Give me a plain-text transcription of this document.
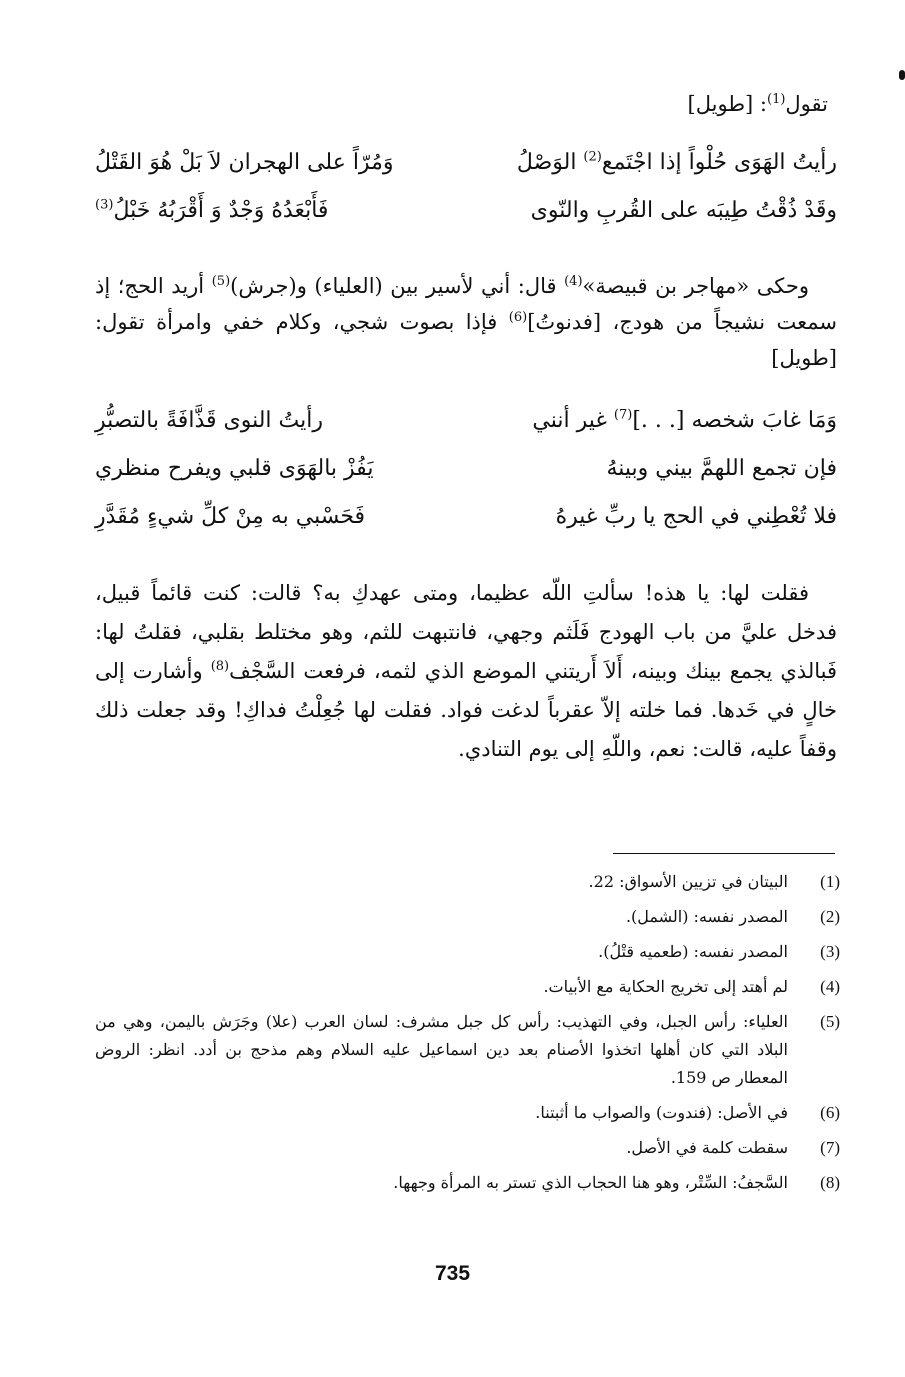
تقول$^{(1)}$: [طويل]
رأيتُ الهَوَى حُلْواً إذا اجْتَمع$^{(2)}$ الوَصْلُ
وَمُرّاً على الهجران لاَ بَلْ هُوَ القَتْلُ
وقَدْ ذُقْتُ طِيبَه على القُربِ والنّوى
فَأَبْعَدُهُ وَجْدٌ وَ أَقْرَبُهُ خَبْلُ$^{(3)}$

وحكى «مهاجر بن قبيصة»$^{(4)}$ قال: أني لأسير بين (العلياء) و(جرش)$^{(5)}$ أريد الحج؛ إذ سمعت نشيجاً من هودج، [فدنوتُ]$^{(6)}$ فإذا بصوت شجي، وكلام خفي وامرأة تقول: [طويل]

وَمَا غابَ شخصه [. . .]$^{(7)}$ غير أنني
رأيتُ النوى قَذَّافَةً بالتصبُّرِ
فإن تجمع اللهمَّ بيني وبينهُ
يَفُزْ بالهَوَى قلبي ويفرح منظري
فلا تُعْطِني في الحج يا ربِّ غيرهُ
فَحَسْبي به مِنْ كلِّ شيءٍ مُقَدَّرِ

فقلت لها: يا هذه! سألتِ اللّه عظيما، ومتى عهدكِ به؟ قالت: كنت قائماً قبيل، فدخل عليَّ من باب الهودج فَلَثم وجهي، فانتبهت للثم، وهو مختلط بقلبي، فقلتُ لها: فَبالذي يجمع بينك وبينه، أَلاَ أَريتني الموضع الذي لثمه، فرفعت السَّجْف$^{(8)}$ وأشارت إلى خالٍ في خَدها. فما خلته إلاّ عقرباً لدغت فواد. فقلت لها جُعِلْتُ فداكِ! وقد جعلت ذلك وقفاً عليه، قالت: نعم، واللّهِ إلى يوم التنادي.

(1)
البيتان في تزيين الأسواق: 22.
(2)
المصدر نفسه: (الشمل).
(3)
المصدر نفسه: (طعميه قتْلُ).
(4)
لم أهتد إلى تخريج الحكاية مع الأبيات.
(5)
العلياء: رأس الجبل، وفي التهذيب: رأس كل جبل مشرف: لسان العرب (علا) وجَرَش باليمن، وهي من البلاد التي كان أهلها اتخذوا الأصنام بعد دين اسماعيل عليه السلام وهم مذحج بن أدد. انظر: الروض المعطار ص 159.
(6)
في الأصل: (فندوت) والصواب ما أثبتنا.
(7)
سقطت كلمة في الأصل.
(8)
السَّجفُ: السِّتْر، وهو هنا الحجاب الذي تستر به المرأة وجهها.
735
